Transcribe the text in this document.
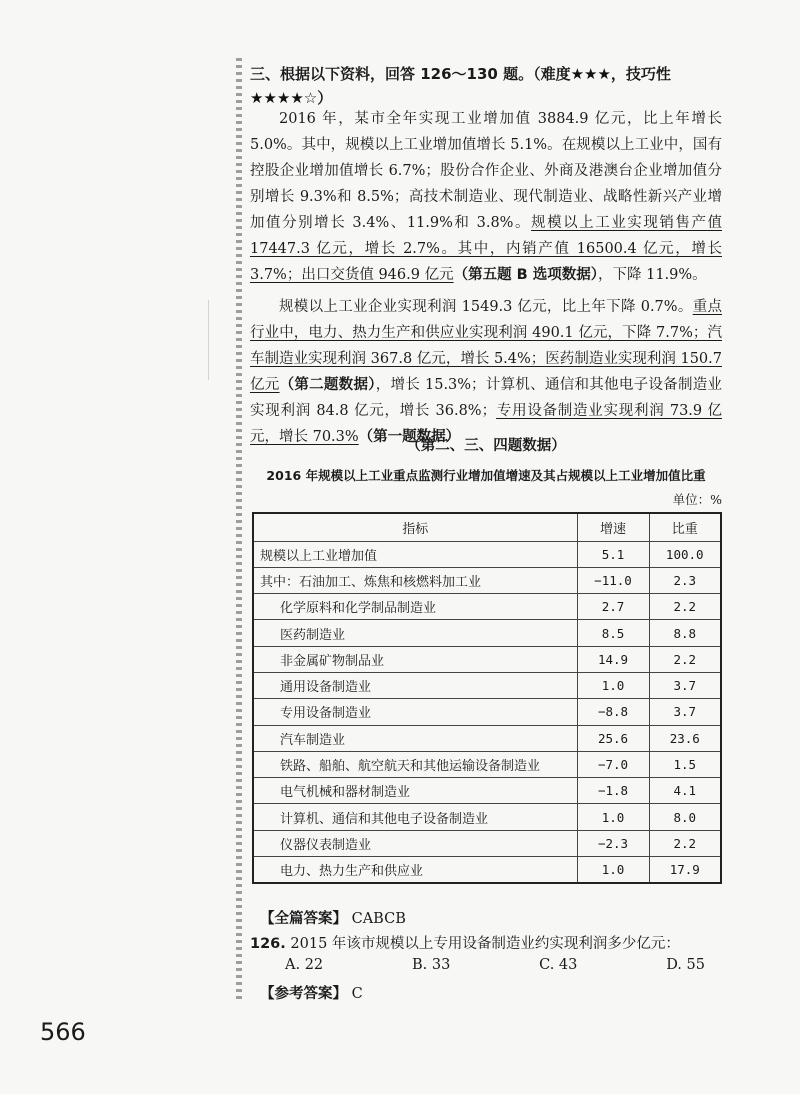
三、根据以下资料，回答 126～130 题。（难度★★★，技巧性★★★★☆）
2016 年，某市全年实现工业增加值 3884.9 亿元，比上年增长 5.0%。其中，规模以上工业增加值增长 5.1%。在规模以上工业中，国有控股企业增加值增长 6.7%；股份合作企业、外商及港澳台企业增加值分别增长 9.3%和 8.5%；高技术制造业、现代制造业、战略性新兴产业增加值分别增长 3.4%、11.9%和 3.8%。规模以上工业实现销售产值 17447.3 亿元，增长 2.7%。其中，内销产值 16500.4 亿元，增长 3.7%；出口交货值 946.9 亿元（第五题 B 选项数据），下降 11.9%。
规模以上工业企业实现利润 1549.3 亿元，比上年下降 0.7%。重点行业中，电力、热力生产和供应业实现利润 490.1 亿元，下降 7.7%；汽车制造业实现利润 367.8 亿元，增长 5.4%；医药制造业实现利润 150.7 亿元（第二题数据），增长 15.3%；计算机、通信和其他电子设备制造业实现利润 84.8 亿元，增长 36.8%；专用设备制造业实现利润 73.9 亿元，增长 70.3%（第一题数据）
（第二、三、四题数据）
2016 年规模以上工业重点监测行业增加值增速及其占规模以上工业增加值比重
单位：%
指标	增速	比重
规模以上工业增加值	5.1	100.0
其中：石油加工、炼焦和核燃料加工业	−11.0	2.3
化学原料和化学制品制造业	2.7	2.2
医药制造业	8.5	8.8
非金属矿物制品业	14.9	2.2
通用设备制造业	1.0	3.7
专用设备制造业	−8.8	3.7
汽车制造业	25.6	23.6
铁路、船舶、航空航天和其他运输设备制造业	−7.0	1.5
电气机械和器材制造业	−1.8	4.1
计算机、通信和其他电子设备制造业	1.0	8.0
仪器仪表制造业	−2.3	2.2
电力、热力生产和供应业	1.0	17.9
【全篇答案】 CABCB
126. 2015 年该市规模以上专用设备制造业约实现利润多少亿元：
A. 22	B. 33	C. 43	D. 55
【参考答案】 C
566
